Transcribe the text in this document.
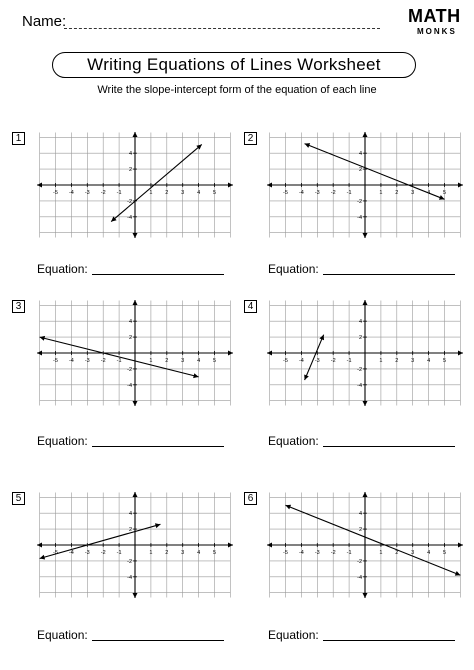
Name:	MATH
MONKS
Writing Equations of Lines Worksheet
Write the slope-intercept form of the equation of each line
1
-5 -4 -3 -2 -1	1 2 3 4 5
4
2
-2
-4
Equation:
2
-5 -4 -3 -2 -1	1 2 3	5
4
2
-2
-4
Equation:
3
-5 -4 -3 -2 -1	1 2 3 4 5
4
2
-2
-4
Equation:
4
-5 -4 -3 -2 -1	1 2 3 4 5
4
2
-2
-4
Equation:
5
-5 -4 -3 -2 -1	1 2 3 4 5
4
2
-2
-4
Equation:
6
-5 -4 -3 -2 -1	1 2 3 4 5
4
2
-2
-4
Equation:
